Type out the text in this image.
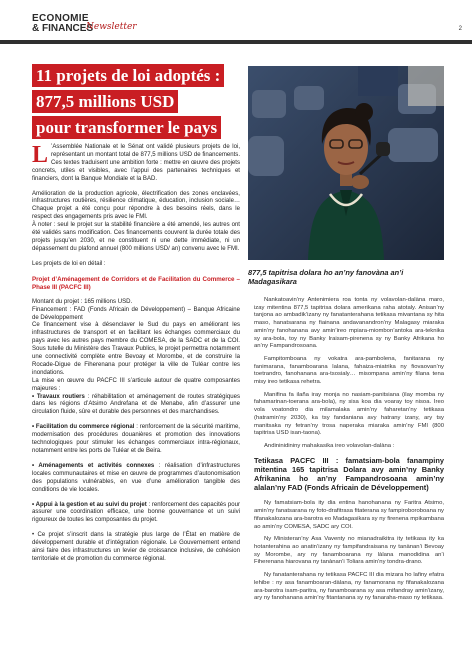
ECONOMIE
& FINANCES
Newsletter	2
11 projets de loi adoptés :
877,5 millions USD
pour transformer le pays

L ’Assemblée Nationale et le Sénat ont validé plusieurs projets de loi, représentant un montant total de 877,5 millions USD de financements. Ces textes traduisent une ambition forte : mettre en œuvre des projets concrets, utiles et visibles, avec l’appui des partenaires techniques et financiers, dont la Banque Mondiale et la BAD.

Amélioration de la production agricole, électrification des zones enclavées, infrastructures routières, résilience climatique, éducation, inclusion sociale… Chaque projet a été conçu pour répondre à des besoins réels, dans le respect des engagements pris avec le FMI.

À noter : seul le projet sur la stabilité financière a été amendé, les autres ont été validés sans modification. Ces financements couvrent la durée totale des projets jusqu’en 2030, et ne constituent ni une dette immédiate, ni un dépassement du plafond annuel (800 millions USD/ an) convenu avec le FMI.

Les projets de loi en détail :

Projet d’Aménagement de Corridors et de Facilitation du Commerce – Phase III (PACFC III)

Montant du projet : 165 millions USD.

Financement : FAD (Fonds Africain de Développement) – Banque Africaine de Développement

Ce financement vise à désenclaver le Sud du pays en améliorant les infrastructures de transport et en facilitant les échanges commerciaux du pays avec les autres pays membre du COMESA, de la SADC et de la COI. Sous tutelle du Ministère des Travaux Publics, le projet permettra notamment une connectivité complète entre Bevoay et Morombe, et de construire la Rocade-Digue de Fiherenana pour protéger la ville de Tuléar contre les inondations.

La mise en œuvre du PACFC III s’articule autour de quatre composantes majeures :

• Travaux routiers : réhabilitation et aménagement de routes stratégiques dans les régions d’Atsimo Andrefana et de Menabe, afin d’assurer une circulation fluide, sûre et durable des personnes et des marchandises.

• Facilitation du commerce régional : renforcement de la sécurité maritime, modernisation des procédures douanières et promotion des innovations technologiques pour stimuler les échanges commerciaux intra-régionaux, notamment entre les ports de Tuléar et de Beira.

• Aménagements et activités connexes : réalisation d’infrastructures locales communautaires et mise en œuvre de programmes d’autonomisation des populations vulnérables, en vue d’une amélioration tangible des conditions de vie locales.

• Appui à la gestion et au suivi du projet : renforcement des capacités pour assurer une coordination efficace, une bonne gouvernance et un suivi rigoureux de toutes les composantes du projet.

• Ce projet s’inscrit dans la stratégie plus large de l’État en matière de développement durable et d’intégration régionale. Le Gouvernement entend ainsi faire des infrastructures un levier de croissance inclusive, de cohésion territoriale et de promotion du commerce régional.

877,5 tapitrisa dolara ho an’ny fanovàna an’i Madagasikara

Nankatoavin’ny Antenimiera roa tonta ny volavolan-dalàna maro, izay mitentina 877,5 tapitrisa dolara amerikana raha atotaly. Anisan’ny tanjona ao ambadik’izany ny fanatanterahana tetikasa mivantana sy hita maso, hanatsarana ny fiainana andavanandron’ny Malagasy miaraka amin’ny fanohanana avy amin’ireo mpiara-miombon’antoka ara-teknika sy ara-bola, toy ny Banky Iraisam-pirenena sy ny Banky Afrikana ho an’ny Fampandrosoana.

Fampitomboana ny vokatra ara-pambolena, fanitarana ny fanimarana, fanamboarana lalana, fahaiza-miatrika ny fiovaovan’ny toetrandro, fanohanana ara-tsosialy… misompana amin’ny filana tena misy ireo tetikasa rehetra.

Manifina fa ilaña iray monja no nasiam-panitsiana (ilay momba ny fahamarinan-toerana ara-bola), ny sisa koa dia voaray toy nisoa. Ireo vola voatondro dia milamalaka amin’ny faharetan’ny tetikasa (hatramin’ny 2030), ka tsy fandaniana avy hatrany izany, ary tsy manitsaka ny fetran’ny trosa naperaka miaraka amin’ny FMI (800 tapitrisa USD isan-taona).

Andininidininy mahakasika ireo volavolan-dalàna :

Tetikasa PACFC III : famatsiam-bola fanampiny mitentina 165 tapitrisa Dolara avy amin’ny Banky Afrikanina ho an’ny Fampandrosoana amin’ny alalan’ny FAD (Fonds Africain de Développement)

Ny famatsiam-bola ity dia entina hanohanana ny Faritra Atsimo, amin’ny fanatsarana ny foto-drafitrasa fitaterana sy fampiroboroboana ny fifanakalozana ara-barotra eo Madagasikara sy ny firenena mpikambana ao amin’ny COMESA, SADC ary COI.

Ny Ministeran’ny Asa Vaventy no mianadraikitra ity tetikasa ity ka hotanterahina ao anatin’izany ny fampifandraisana ny tanànan’i Bevoay sy Morombe, ary ny fanamboarana ny làlana manodidina an’i Fiherenana hiarovana ny tanànan’i Toliara amin’ny tondra-drano.

Ny fanatanterahana ny tetikasa PACFC III dia mizara ho lafiny efatra lehibe : ny asa fanamboaran-dàlana, ny fanamorana ny fifanakalozana ara-barotra isam-paritra, ny fanamboarana sy asa mifandray amin’izany, ary ny fanohanana amin’ny fitantanana sy ny fanaraha-maso ny tetikasa.
